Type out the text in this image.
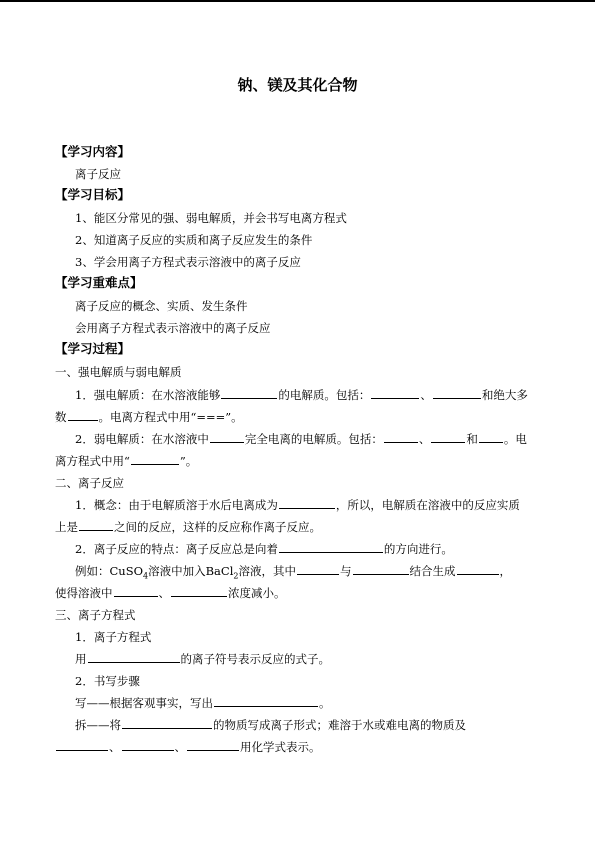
钠、镁及其化合物
【学习内容】
离子反应
【学习目标】
1、能区分常见的强、弱电解质，并会书写电离方程式
2、知道离子反应的实质和离子反应发生的条件
3、学会用离子方程式表示溶液中的离子反应
【学习重难点】
离子反应的概念、实质、发生条件
会用离子方程式表示溶液中的离子反应
【学习过程】
一、强电解质与弱电解质
1．强电解质：在水溶液能够	的电解质。包括：	、	和绝大多
数	。电离方程式中用“===”。
2．弱电解质：在水溶液中	完全电离的电解质。包括：	、	和 。电
离方程式中用“	”。
二、离子反应
1．概念：由于电解质溶于水后电离成为	，所以，电解质在溶液中的反应实质
上是	之间的反应，这样的反应称作离子反应。
2．离子反应的特点：离子反应总是向着	的方向进行。
例如：CuSO$_4$溶液中加入BaCl$_2$溶液，其中	与	结合生成	，
使得溶液中	、	浓度减小。
三、离子方程式
1．离子方程式
用	的离子符号表示反应的式子。
2．书写步骤
写——根据客观事实，写出	。
拆——将	的物质写成离子形式；难溶于水或难电离的物质及
、	、	用化学式表示。
